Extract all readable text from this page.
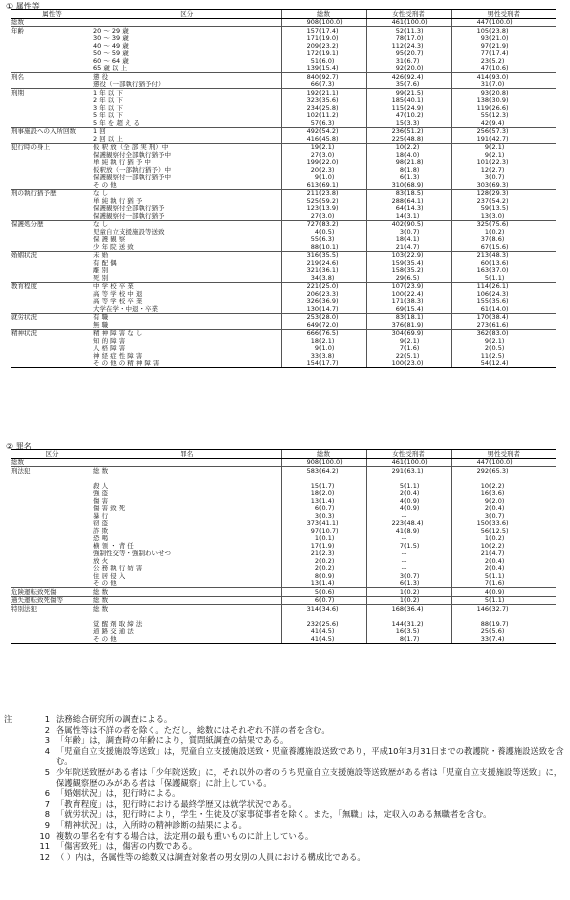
① 属性等
属性等	区分	総数		女性受刑者		男性受刑者	
総数		908	(100.0)	461	(100.0)	447	(100.0)
年齢	20 ～ 29 歳	157	(17.4)	52	(11.3)	105	(23.8)
	30 ～ 39 歳	171	(19.0)	78	(17.0)	93	(21.0)
	40 ～ 49 歳	209	(23.2)	112	(24.3)	97	(21.9)
	50 ～ 59 歳	172	(19.1)	95	(20.7)	77	(17.4)
	60 ～ 64 歳	51	(6.0)	31	(6.7)	23	(5.2)
	65 歳 以 上	139	(15.4)	92	(20.0)	47	(10.6)
刑名	懲 役	840	(92.7)	426	(92.4)	414	(93.0)
	懲役（一部執行猶予付）	66	(7.3)	35	(7.6)	31	(7.0)
刑期	1 年 以 下	192	(21.1)	99	(21.5)	93	(20.8)
	2 年 以 下	323	(35.6)	185	(40.1)	138	(30.9)
	3 年 以 下	234	(25.8)	115	(24.9)	119	(26.6)
	5 年 以 下	102	(11.2)	47	(10.2)	55	(12.3)
	5 年 を 超 え る	57	(6.3)	15	(3.3)	42	(9.4)
刑事施設への入所回数	1 回	492	(54.2)	236	(51.2)	256	(57.3)
	2 回 以 上	416	(45.8)	225	(48.8)	191	(42.7)
犯行時の身上	仮 釈 放（全 部 実 刑）中	19	(2.1)	10	(2.2)	9	(2.1)
	保護観察付全部執行猶予中	27	(3.0)	18	(4.0)	9	(2.1)
	単 純 執 行 猶 予 中	199	(22.0)	98	(21.8)	101	(22.3)
	仮釈放（一部執行猶予）中	20	(2.3)	8	(1.8)	12	(2.7)
	保護観察付一部執行猶予中	9	(1.0)	6	(1.3)	3	(0.7)
	そ の 他	613	(69.1)	310	(68.9)	303	(69.3)
刑の執行猶予歴	な し	211	(23.8)	83	(18.5)	128	(29.3)
	単 純 執 行 猶 予	525	(59.2)	288	(64.1)	237	(54.2)
	保護観察付全部執行猶予	123	(13.9)	64	(14.3)	59	(13.5)
	保護観察付一部執行猶予	27	(3.0)	14	(3.1)	13	(3.0)
保護処分歴	な し	727	(83.2)	402	(90.5)	325	(75.6)
	児童自立支援施設等送致	4	(0.5)	3	(0.7)	1	(0.2)
	保 護 観 察	55	(6.3)	18	(4.1)	37	(8.6)
	少 年 院 送 致	88	(10.1)	21	(4.7)	67	(15.6)
婚姻状況	未 婚	316	(35.5)	103	(22.9)	213	(48.3)
	有 配 偶	219	(24.6)	159	(35.4)	60	(13.6)
	離 別	321	(36.1)	158	(35.2)	163	(37.0)
	死 別	34	(3.8)	29	(6.5)	5	(1.1)
教育程度	中 学 校 卒 業	221	(25.0)	107	(23.9)	114	(26.1)
	高 等 学 校 中 退	206	(23.3)	100	(22.4)	106	(24.3)
	高 等 学 校 卒 業	326	(36.9)	171	(38.3)	155	(35.6)
	大学在学・中退・卒業	130	(14.7)	69	(15.4)	61	(14.0)
就労状況	有 職	253	(28.0)	83	(18.1)	170	(38.4)
	無 職	649	(72.0)	376	(81.9)	273	(61.6)
精神状況	精 神 障 害 な し	666	(76.5)	304	(69.9)	362	(83.0)
	知 的 障 害	18	(2.1)	9	(2.1)	9	(2.1)
	人 格 障 害	9	(1.0)	7	(1.6)	2	(0.5)
	神 経 症 性 障 害	33	(3.8)	22	(5.1)	11	(2.5)
	そ の 他 の 精 神 障 害	154	(17.7)	100	(23.0)	54	(12.4)
② 罪名
区分	罪名	総数		女性受刑者		男性受刑者	
総数		908	(100.0)	461	(100.0)	447	(100.0)
刑法犯	総 数	583	(64.2)	291	(63.1)	292	(65.3)

	殺 人	15	(1.7)	5	(1.1)	10	(2.2)
	強 盗	18	(2.0)	2	(0.4)	16	(3.6)
	傷 害	13	(1.4)	4	(0.9)	9	(2.0)
	傷 害 致 死	6	(0.7)	4	(0.9)	2	(0.4)
	暴 行	3	(0.3)	-	-	3	(0.7)
	窃 盗	373	(41.1)	223	(48.4)	150	(33.6)
	詐 欺	97	(10.7)	41	(8.9)	56	(12.5)
	恐 喝	1	(0.1)	-	-	1	(0.2)
	横 領 ・ 背 任	17	(1.9)	7	(1.5)	10	(2.2)
	強制性交等・強制わいせつ	21	(2.3)	-	-	21	(4.7)
	放 火	2	(0.2)	-	-	2	(0.4)
	公 務 執 行 妨 害	2	(0.2)	-	-	2	(0.4)
	住 居 侵 入	8	(0.9)	3	(0.7)	5	(1.1)
	そ の 他	13	(1.4)	6	(1.3)	7	(1.6)
危険運転致死傷	総 数	5	(0.6)	1	(0.2)	4	(0.9)
過失運転致死傷等	総 数	6	(0.7)	1	(0.2)	5	(1.1)
特別法犯	総 数	314	(34.6)	168	(36.4)	146	(32.7)

	覚 醒 剤 取 締 法	232	(25.6)	144	(31.2)	88	(19.7)
	道 路 交 通 法	41	(4.5)	16	(3.5)	25	(5.6)
	そ の 他	41	(4.5)	8	(1.7)	33	(7.4)
注	1 法務総合研究所の調査による。
2 各属性等は不詳の者を除く。ただし，総数にはそれぞれ不詳の者を含む。
3 「年齢」は，調査時の年齢により，質問紙調査の結果である。
4 「児童自立支援施設等送致」は，児童自立支援施設送致・児童養護施設送致であり，平成10年3月31日までの教護院・養護施設送致を含む。
5 少年院送致歴がある者は「少年院送致」に，それ以外の者のうち児童自立支援施設等送致歴がある者は「児童自立支援施設等送致」に，保護観察歴のみがある者は「保護観察」に計上している。
6 「婚姻状況」は，犯行時による。
7 「教育程度」は，犯行時における最終学歴又は就学状況である。
8 「就労状況」は，犯行時により，学生・生徒及び家事従事者を除く。また，「無職」は，定収入のある無職者を含む。
9 「精神状況」は，入所時の精神診断の結果による。
10 複数の罪名を有する場合は，法定刑の最も重いものに計上している。
11 「傷害致死」は，傷害の内数である。
12 （ ）内は，各属性等の総数又は調査対象者の男女別の人員における構成比である。
